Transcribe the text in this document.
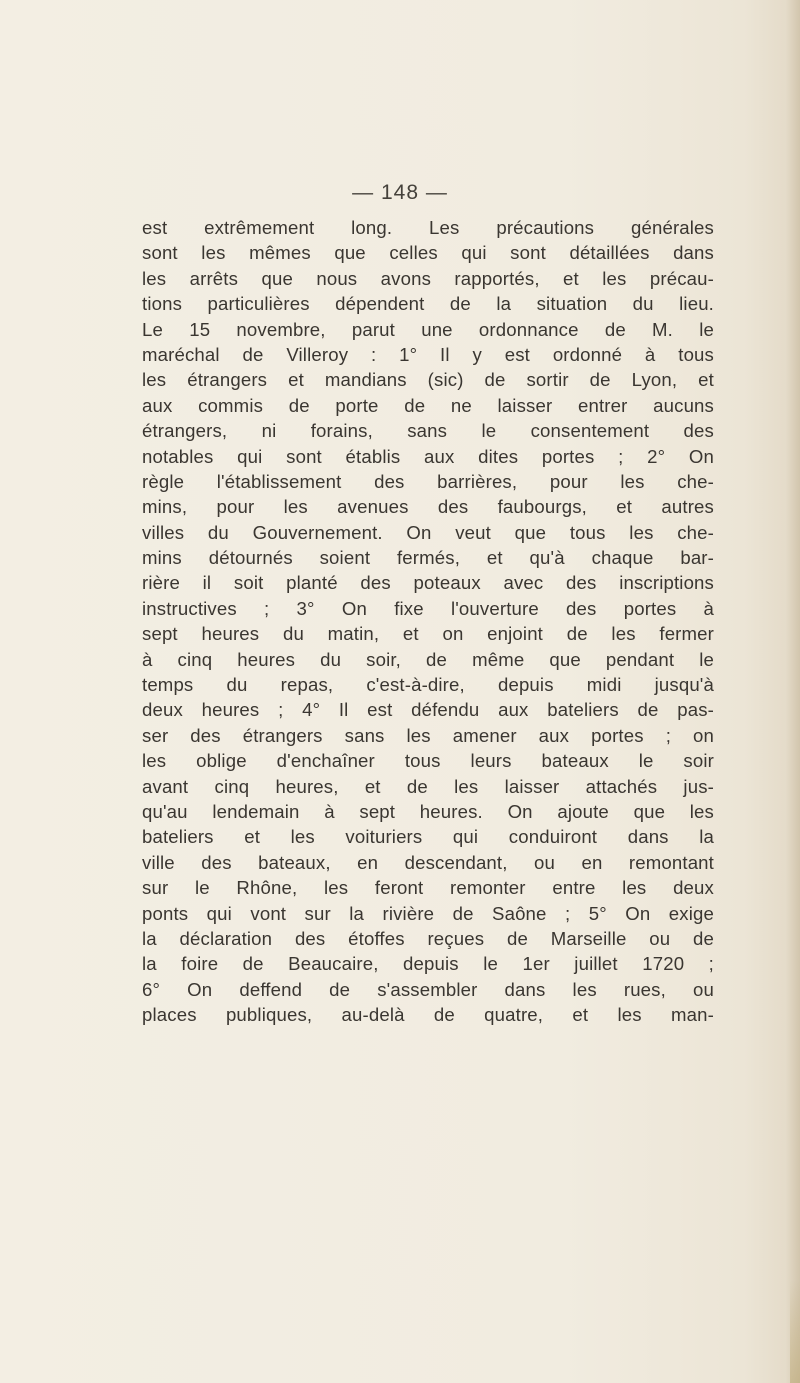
— 148 —
est extrêmement long. Les précautions générales
sont les mêmes que celles qui sont détaillées dans
les arrêts que nous avons rapportés, et les précau-
tions particulières dépendent de la situation du lieu.
Le 15 novembre, parut une ordonnance de M. le
maréchal de Villeroy : 1° Il y est ordonné à tous
les étrangers et mandians (sic) de sortir de Lyon, et
aux commis de porte de ne laisser entrer aucuns
étrangers, ni forains, sans le consentement des
notables qui sont établis aux dites portes ; 2° On
règle l'établissement des barrières, pour les che-
mins, pour les avenues des faubourgs, et autres
villes du Gouvernement. On veut que tous les che-
mins détournés soient fermés, et qu'à chaque bar-
rière il soit planté des poteaux avec des inscriptions
instructives ; 3° On fixe l'ouverture des portes à
sept heures du matin, et on enjoint de les fermer
à cinq heures du soir, de même que pendant le
temps du repas, c'est-à-dire, depuis midi jusqu'à
deux heures ; 4° Il est défendu aux bateliers de pas-
ser des étrangers sans les amener aux portes ; on
les oblige d'enchaîner tous leurs bateaux le soir
avant cinq heures, et de les laisser attachés jus-
qu'au lendemain à sept heures. On ajoute que les
bateliers et les voituriers qui conduiront dans la
ville des bateaux, en descendant, ou en remontant
sur le Rhône, les feront remonter entre les deux
ponts qui vont sur la rivière de Saône ; 5° On exige
la déclaration des étoffes reçues de Marseille ou de
la foire de Beaucaire, depuis le 1er juillet 1720 ;
6° On deffend de s'assembler dans les rues, ou
places publiques, au-delà de quatre, et les man-
